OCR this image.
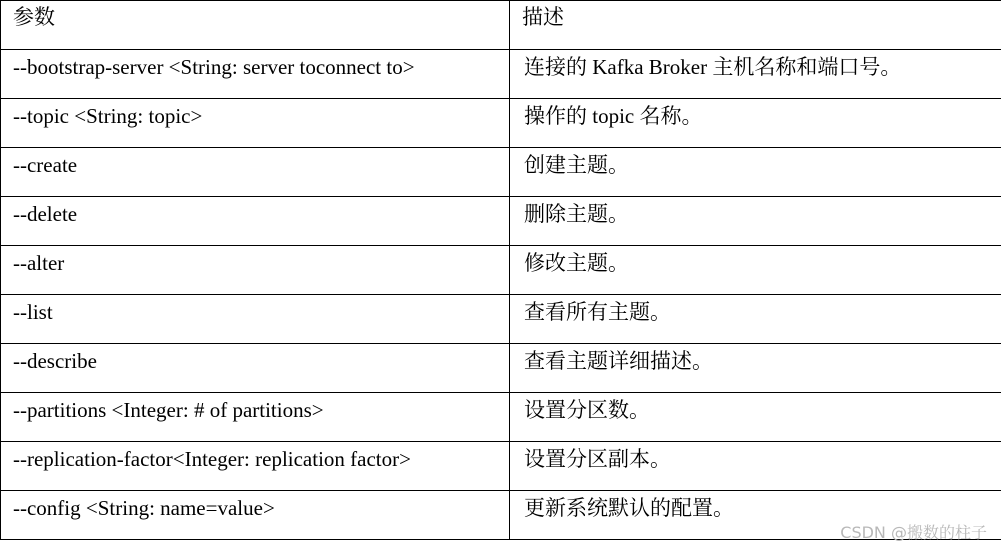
参数	描述
--bootstrap-server <String: server toconnect to>	连接的 Kafka Broker 主机名称和端口号。
--topic <String: topic>	操作的 topic 名称。
--create	创建主题。
--delete	删除主题。
--alter	修改主题。
--list	查看所有主题。
--describe	查看主题详细描述。
--partitions <Integer: # of partitions>	设置分区数。
--replication-factor<Integer: replication factor>	设置分区副本。
--config <String: name=value>	更新系统默认的配置。
CSDN @搬数的柱子
